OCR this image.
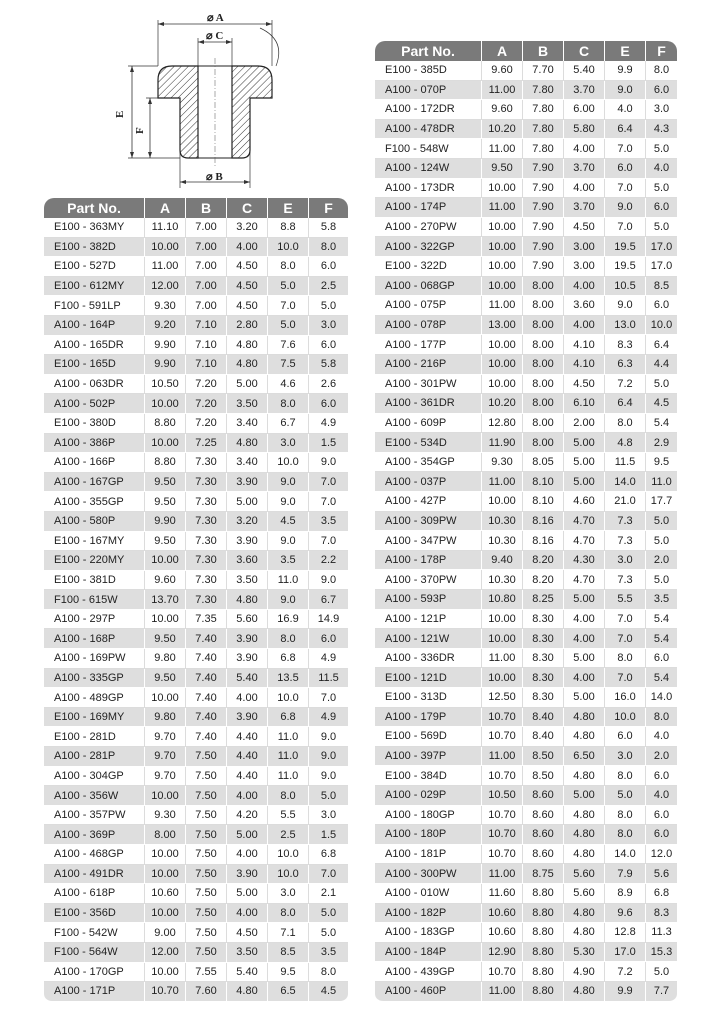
⌀ A
⌀ C
⌀ B
E
F
Part No.	A	B	C	E	F
E100 - 363MY	11.10	7.00	3.20	8.8	5.8
E100 - 382D	10.00	7.00	4.00	10.0	8.0
E100 - 527D	11.00	7.00	4.50	8.0	6.0
E100 - 612MY	12.00	7.00	4.50	5.0	2.5
F100 - 591LP	9.30	7.00	4.50	7.0	5.0
A100 - 164P	9.20	7.10	2.80	5.0	3.0
A100 - 165DR	9.90	7.10	4.80	7.6	6.0
E100 - 165D	9.90	7.10	4.80	7.5	5.8
A100 - 063DR	10.50	7.20	5.00	4.6	2.6
A100 - 502P	10.00	7.20	3.50	8.0	6.0
E100 - 380D	8.80	7.20	3.40	6.7	4.9
A100 - 386P	10.00	7.25	4.80	3.0	1.5
A100 - 166P	8.80	7.30	3.40	10.0	9.0
A100 - 167GP	9.50	7.30	3.90	9.0	7.0
A100 - 355GP	9.50	7.30	5.00	9.0	7.0
A100 - 580P	9.90	7.30	3.20	4.5	3.5
E100 - 167MY	9.50	7.30	3.90	9.0	7.0
E100 - 220MY	10.00	7.30	3.60	3.5	2.2
E100 - 381D	9.60	7.30	3.50	11.0	9.0
F100 - 615W	13.70	7.30	4.80	9.0	6.7
A100 - 297P	10.00	7.35	5.60	16.9	14.9
A100 - 168P	9.50	7.40	3.90	8.0	6.0
A100 - 169PW	9.80	7.40	3.90	6.8	4.9
A100 - 335GP	9.50	7.40	5.40	13.5	11.5
A100 - 489GP	10.00	7.40	4.00	10.0	7.0
E100 - 169MY	9.80	7.40	3.90	6.8	4.9
E100 - 281D	9.70	7.40	4.40	11.0	9.0
A100 - 281P	9.70	7.50	4.40	11.0	9.0
A100 - 304GP	9.70	7.50	4.40	11.0	9.0
A100 - 356W	10.00	7.50	4.00	8.0	5.0
A100 - 357PW	9.30	7.50	4.20	5.5	3.0
A100 - 369P	8.00	7.50	5.00	2.5	1.5
A100 - 468GP	10.00	7.50	4.00	10.0	6.8
A100 - 491DR	10.00	7.50	3.90	10.0	7.0
A100 - 618P	10.60	7.50	5.00	3.0	2.1
E100 - 356D	10.00	7.50	4.00	8.0	5.0
F100 - 542W	9.00	7.50	4.50	7.1	5.0
F100 - 564W	12.00	7.50	3.50	8.5	3.5
A100 - 170GP	10.00	7.55	5.40	9.5	8.0
A100 - 171P	10.70	7.60	4.80	6.5	4.5
Part No.	A	B	C	E	F
E100 - 385D	9.60	7.70	5.40	9.9	8.0
A100 - 070P	11.00	7.80	3.70	9.0	6.0
A100 - 172DR	9.60	7.80	6.00	4.0	3.0
A100 - 478DR	10.20	7.80	5.80	6.4	4.3
F100 - 548W	11.00	7.80	4.00	7.0	5.0
A100 - 124W	9.50	7.90	3.70	6.0	4.0
A100 - 173DR	10.00	7.90	4.00	7.0	5.0
A100 - 174P	11.00	7.90	3.70	9.0	6.0
A100 - 270PW	10.00	7.90	4.50	7.0	5.0
A100 - 322GP	10.00	7.90	3.00	19.5	17.0
E100 - 322D	10.00	7.90	3.00	19.5	17.0
A100 - 068GP	10.00	8.00	4.00	10.5	8.5
A100 - 075P	11.00	8.00	3.60	9.0	6.0
A100 - 078P	13.00	8.00	4.00	13.0	10.0
A100 - 177P	10.00	8.00	4.10	8.3	6.4
A100 - 216P	10.00	8.00	4.10	6.3	4.4
A100 - 301PW	10.00	8.00	4.50	7.2	5.0
A100 - 361DR	10.20	8.00	6.10	6.4	4.5
A100 - 609P	12.80	8.00	2.00	8.0	5.4
E100 - 534D	11.90	8.00	5.00	4.8	2.9
A100 - 354GP	9.30	8.05	5.00	11.5	9.5
A100 - 037P	11.00	8.10	5.00	14.0	11.0
A100 - 427P	10.00	8.10	4.60	21.0	17.7
A100 - 309PW	10.30	8.16	4.70	7.3	5.0
A100 - 347PW	10.30	8.16	4.70	7.3	5.0
A100 - 178P	9.40	8.20	4.30	3.0	2.0
A100 - 370PW	10.30	8.20	4.70	7.3	5.0
A100 - 593P	10.80	8.25	5.00	5.5	3.5
A100 - 121P	10.00	8.30	4.00	7.0	5.4
A100 - 121W	10.00	8.30	4.00	7.0	5.4
A100 - 336DR	11.00	8.30	5.00	8.0	6.0
E100 - 121D	10.00	8.30	4.00	7.0	5.4
E100 - 313D	12.50	8.30	5.00	16.0	14.0
A100 - 179P	10.70	8.40	4.80	10.0	8.0
E100 - 569D	10.70	8.40	4.80	6.0	4.0
A100 - 397P	11.00	8.50	6.50	3.0	2.0
E100 - 384D	10.70	8.50	4.80	8.0	6.0
A100 - 029P	10.50	8.60	5.00	5.0	4.0
A100 - 180GP	10.70	8.60	4.80	8.0	6.0
A100 - 180P	10.70	8.60	4.80	8.0	6.0
A100 - 181P	10.70	8.60	4.80	14.0	12.0
A100 - 300PW	11.00	8.75	5.60	7.9	5.6
A100 - 010W	11.60	8.80	5.60	8.9	6.8
A100 - 182P	10.60	8.80	4.80	9.6	8.3
A100 - 183GP	10.60	8.80	4.80	12.8	11.3
A100 - 184P	12.90	8.80	5.30	17.0	15.3
A100 - 439GP	10.70	8.80	4.90	7.2	5.0
A100 - 460P	11.00	8.80	4.80	9.9	7.7
